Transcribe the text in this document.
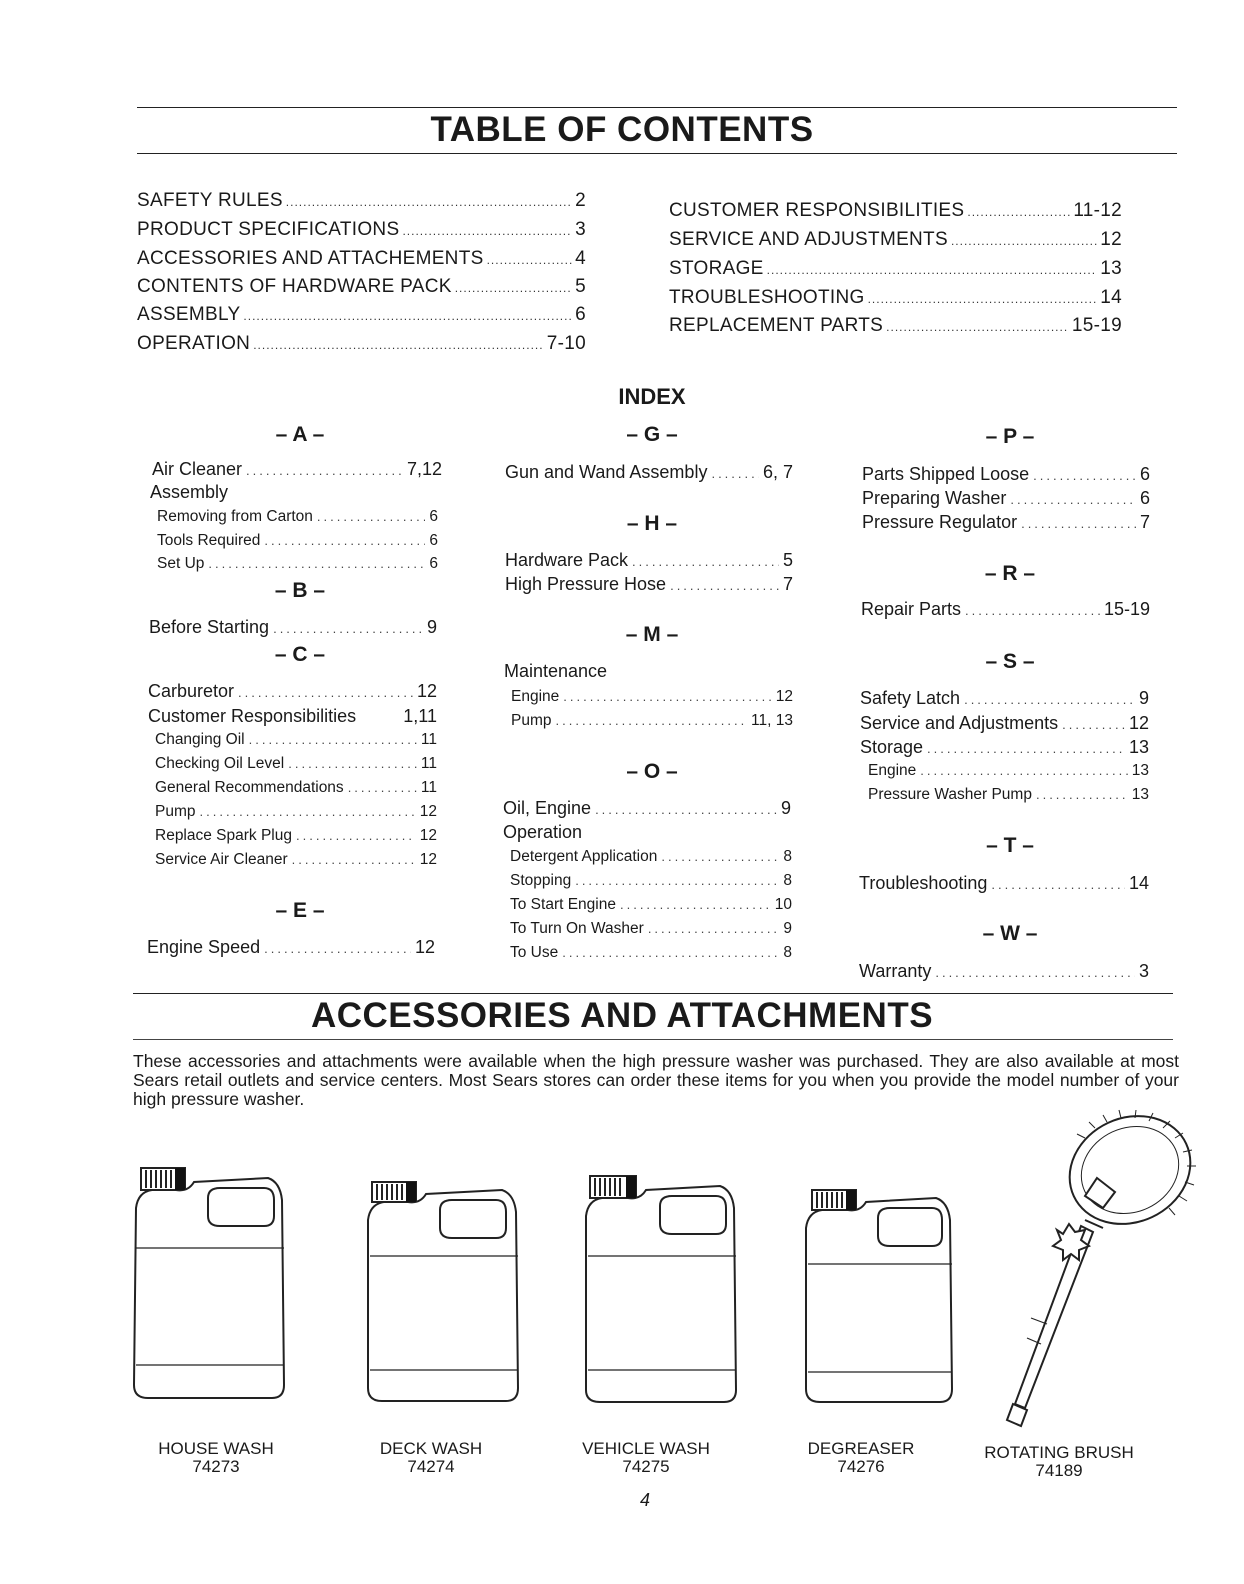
TABLE OF CONTENTS
SAFETY RULES .....	2
PRODUCT SPECIFICATIONS .....	3
ACCESSORIES AND ATTACHEMENTS .....	4
CONTENTS OF HARDWARE PACK .....	5
ASSEMBLY .....	6
OPERATION .....	7-10
CUSTOMER RESPONSIBILITIES .....	11-12
SERVICE AND ADJUSTMENTS .....	12
STORAGE .....	13
TROUBLESHOOTING .....	14
REPLACEMENT PARTS .....	15-19
INDEX
– A –
Air Cleaner .....	7,12
Assembly
Removing from Carton .....	6
Tools Required .....	6
Set Up .....	6
– B –
Before Starting .....	9
– C –
Carburetor .....	12
Customer Responsibilities	1,11
Changing Oil .....	11
Checking Oil Level .....	11
General Recommendations .....	11
Pump .....	12
Replace Spark Plug .....	12
Service Air Cleaner .....	12
– E –
Engine Speed .....	12
– G –
Gun and Wand Assembly .....	6, 7
– H –
Hardware Pack .....	5
High Pressure Hose .....	7
– M –
Maintenance
Engine .....	12
Pump .....	11, 13
– O –
Oil, Engine .....	9
Operation
Detergent Application .....	8
Stopping .....	8
To Start Engine .....	10
To Turn On Washer .....	9
To Use .....	8
– P –
Parts Shipped Loose .....	6
Preparing Washer .....	6
Pressure Regulator .....	7
– R –
Repair Parts .....	15-19
– S –
Safety Latch .....	9
Service and Adjustments .....	12
Storage .....	13
Engine .....	13
Pressure Washer Pump .....	13
– T –
Troubleshooting .....	14
– W –
Warranty .....	3
ACCESSORIES AND ATTACHMENTS
These accessories and attachments were available when the high pressure washer was purchased. They are also available at most Sears retail outlets and service centers. Most Sears stores can order these items for you when you provide the model number of your high pressure washer.
HOUSE WASH
74273
DECK WASH
74274
VEHICLE WASH
74275
DEGREASER
74276
ROTATING BRUSH
74189
4
